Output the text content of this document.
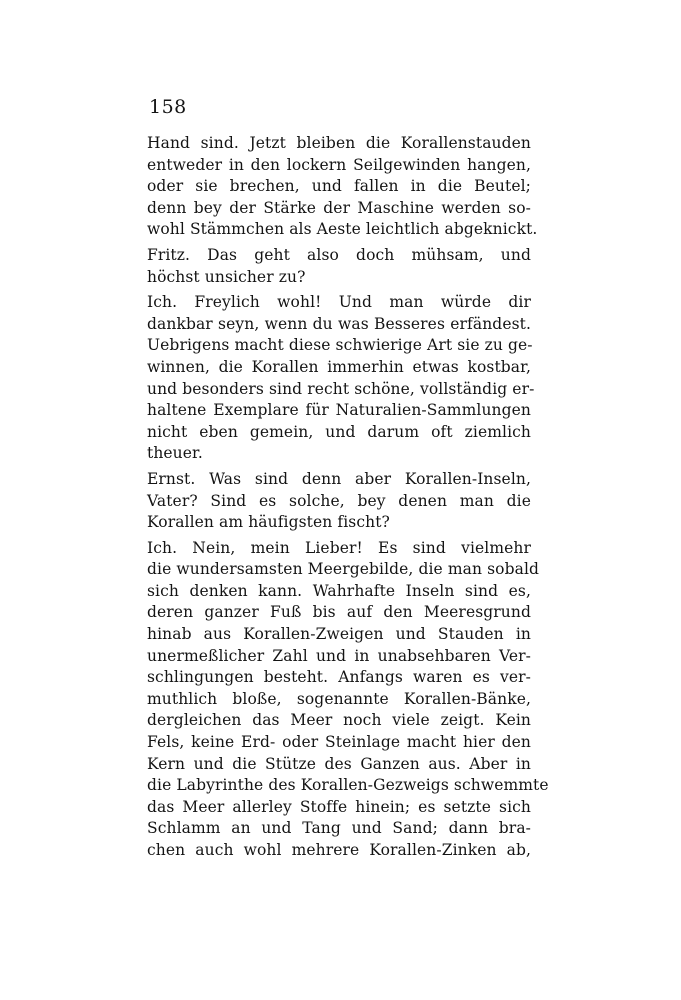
158
Hand sind. Jetzt bleiben die Korallenstauden
entweder in den lockern Seilgewinden hangen,
oder sie brechen, und fallen in die Beutel;
denn bey der Stärke der Maschine werden so-
wohl Stämmchen als Aeste leichtlich abgeknickt.
Fritz. Das geht also doch mühsam, und
höchst unsicher zu?
Ich. Freylich wohl! Und man würde dir
dankbar seyn, wenn du was Besseres erfändest.
Uebrigens macht diese schwierige Art sie zu ge-
winnen, die Korallen immerhin etwas kostbar,
und besonders sind recht schöne, vollständig er-
haltene Exemplare für Naturalien-Sammlungen
nicht eben gemein, und darum oft ziemlich
theuer.
Ernst. Was sind denn aber Korallen-Inseln,
Vater? Sind es solche, bey denen man die
Korallen am häufigsten fischt?
Ich. Nein, mein Lieber! Es sind vielmehr
die wundersamsten Meergebilde, die man sobald
sich denken kann. Wahrhafte Inseln sind es,
deren ganzer Fuß bis auf den Meeresgrund
hinab aus Korallen-Zweigen und Stauden in
unermeßlicher Zahl und in unabsehbaren Ver-
schlingungen besteht. Anfangs waren es ver-
muthlich bloße, sogenannte Korallen-Bänke,
dergleichen das Meer noch viele zeigt. Kein
Fels, keine Erd- oder Steinlage macht hier den
Kern und die Stütze des Ganzen aus. Aber in
die Labyrinthe des Korallen-Gezweigs schwemmte
das Meer allerley Stoffe hinein; es setzte sich
Schlamm an und Tang und Sand; dann bra-
chen auch wohl mehrere Korallen-Zinken ab,
